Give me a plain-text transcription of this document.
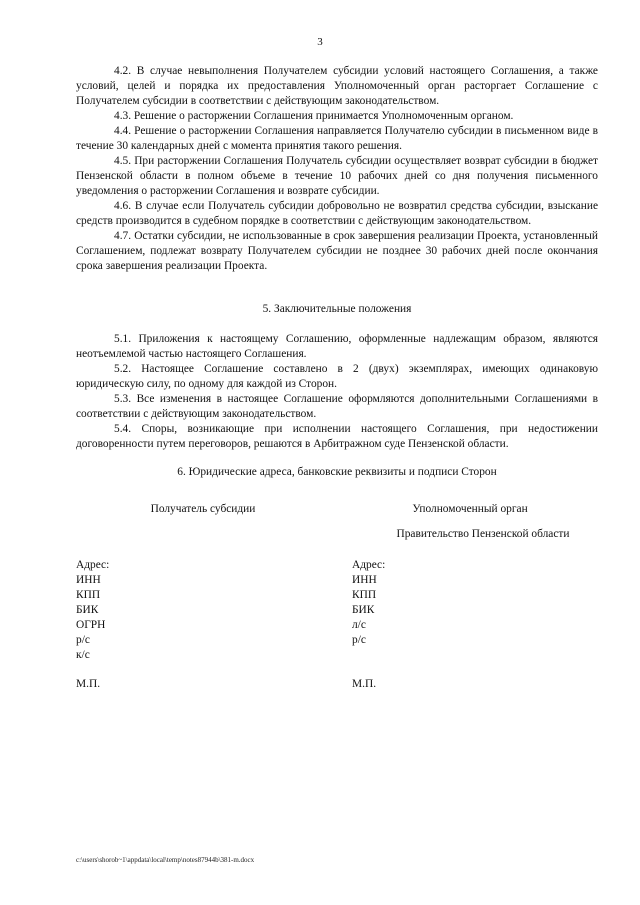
3

4.2. В случае невыполнения Получателем субсидии условий настоящего Соглашения, а также условий, целей и порядка их предоставления Уполномоченный орган расторгает Соглашение с Получателем субсидии в соответствии с действующим законодательством.

4.3. Решение о расторжении Соглашения принимается Уполномоченным органом.

4.4. Решение о расторжении Соглашения направляется Получателю субсидии в письменном виде в течение 30 календарных дней с момента принятия такого решения.

4.5. При расторжении Соглашения Получатель субсидии осуществляет возврат субсидии в бюджет Пензенской области в полном объеме в течение 10 рабочих дней со дня получения письменного уведомления о расторжении Соглашения и возврате субсидии.

4.6. В случае если Получатель субсидии добровольно не возвратил средства субсидии, взыскание средств производится в судебном порядке в соответствии с действующим законодательством.

4.7. Остатки субсидии, не использованные в срок завершения реализации Проекта, установленный Соглашением, подлежат возврату Получателем субсидии не позднее 30 рабочих дней после окончания срока завершения реализации Проекта.

5. Заключительные положения

5.1. Приложения к настоящему Соглашению, оформленные надлежащим образом, являются неотъемлемой частью настоящего Соглашения.

5.2. Настоящее Соглашение составлено в 2 (двух) экземплярах, имеющих одинаковую юридическую силу, по одному для каждой из Сторон.

5.3. Все изменения в настоящее Соглашение оформляются дополнительными Соглашениями в соответствии с действующим законодательством.

5.4. Споры, возникающие при исполнении настоящего Соглашения, при недостижении договоренности путем переговоров, решаются в Арбитражном суде Пензенской области.

6. Юридические адреса, банковские реквизиты и подписи Сторон

Получатель субсидии
Адрес:
ИНН
КПП
БИК
ОГРН
р/с
к/с
М.П.
Уполномоченный орган
Правительство Пензенской области
Адрес:
ИНН
КПП
БИК
л/с
р/с
М.П.
c:\users\shorob~1\appdata\local\temp\notes87944b\381-m.docx
